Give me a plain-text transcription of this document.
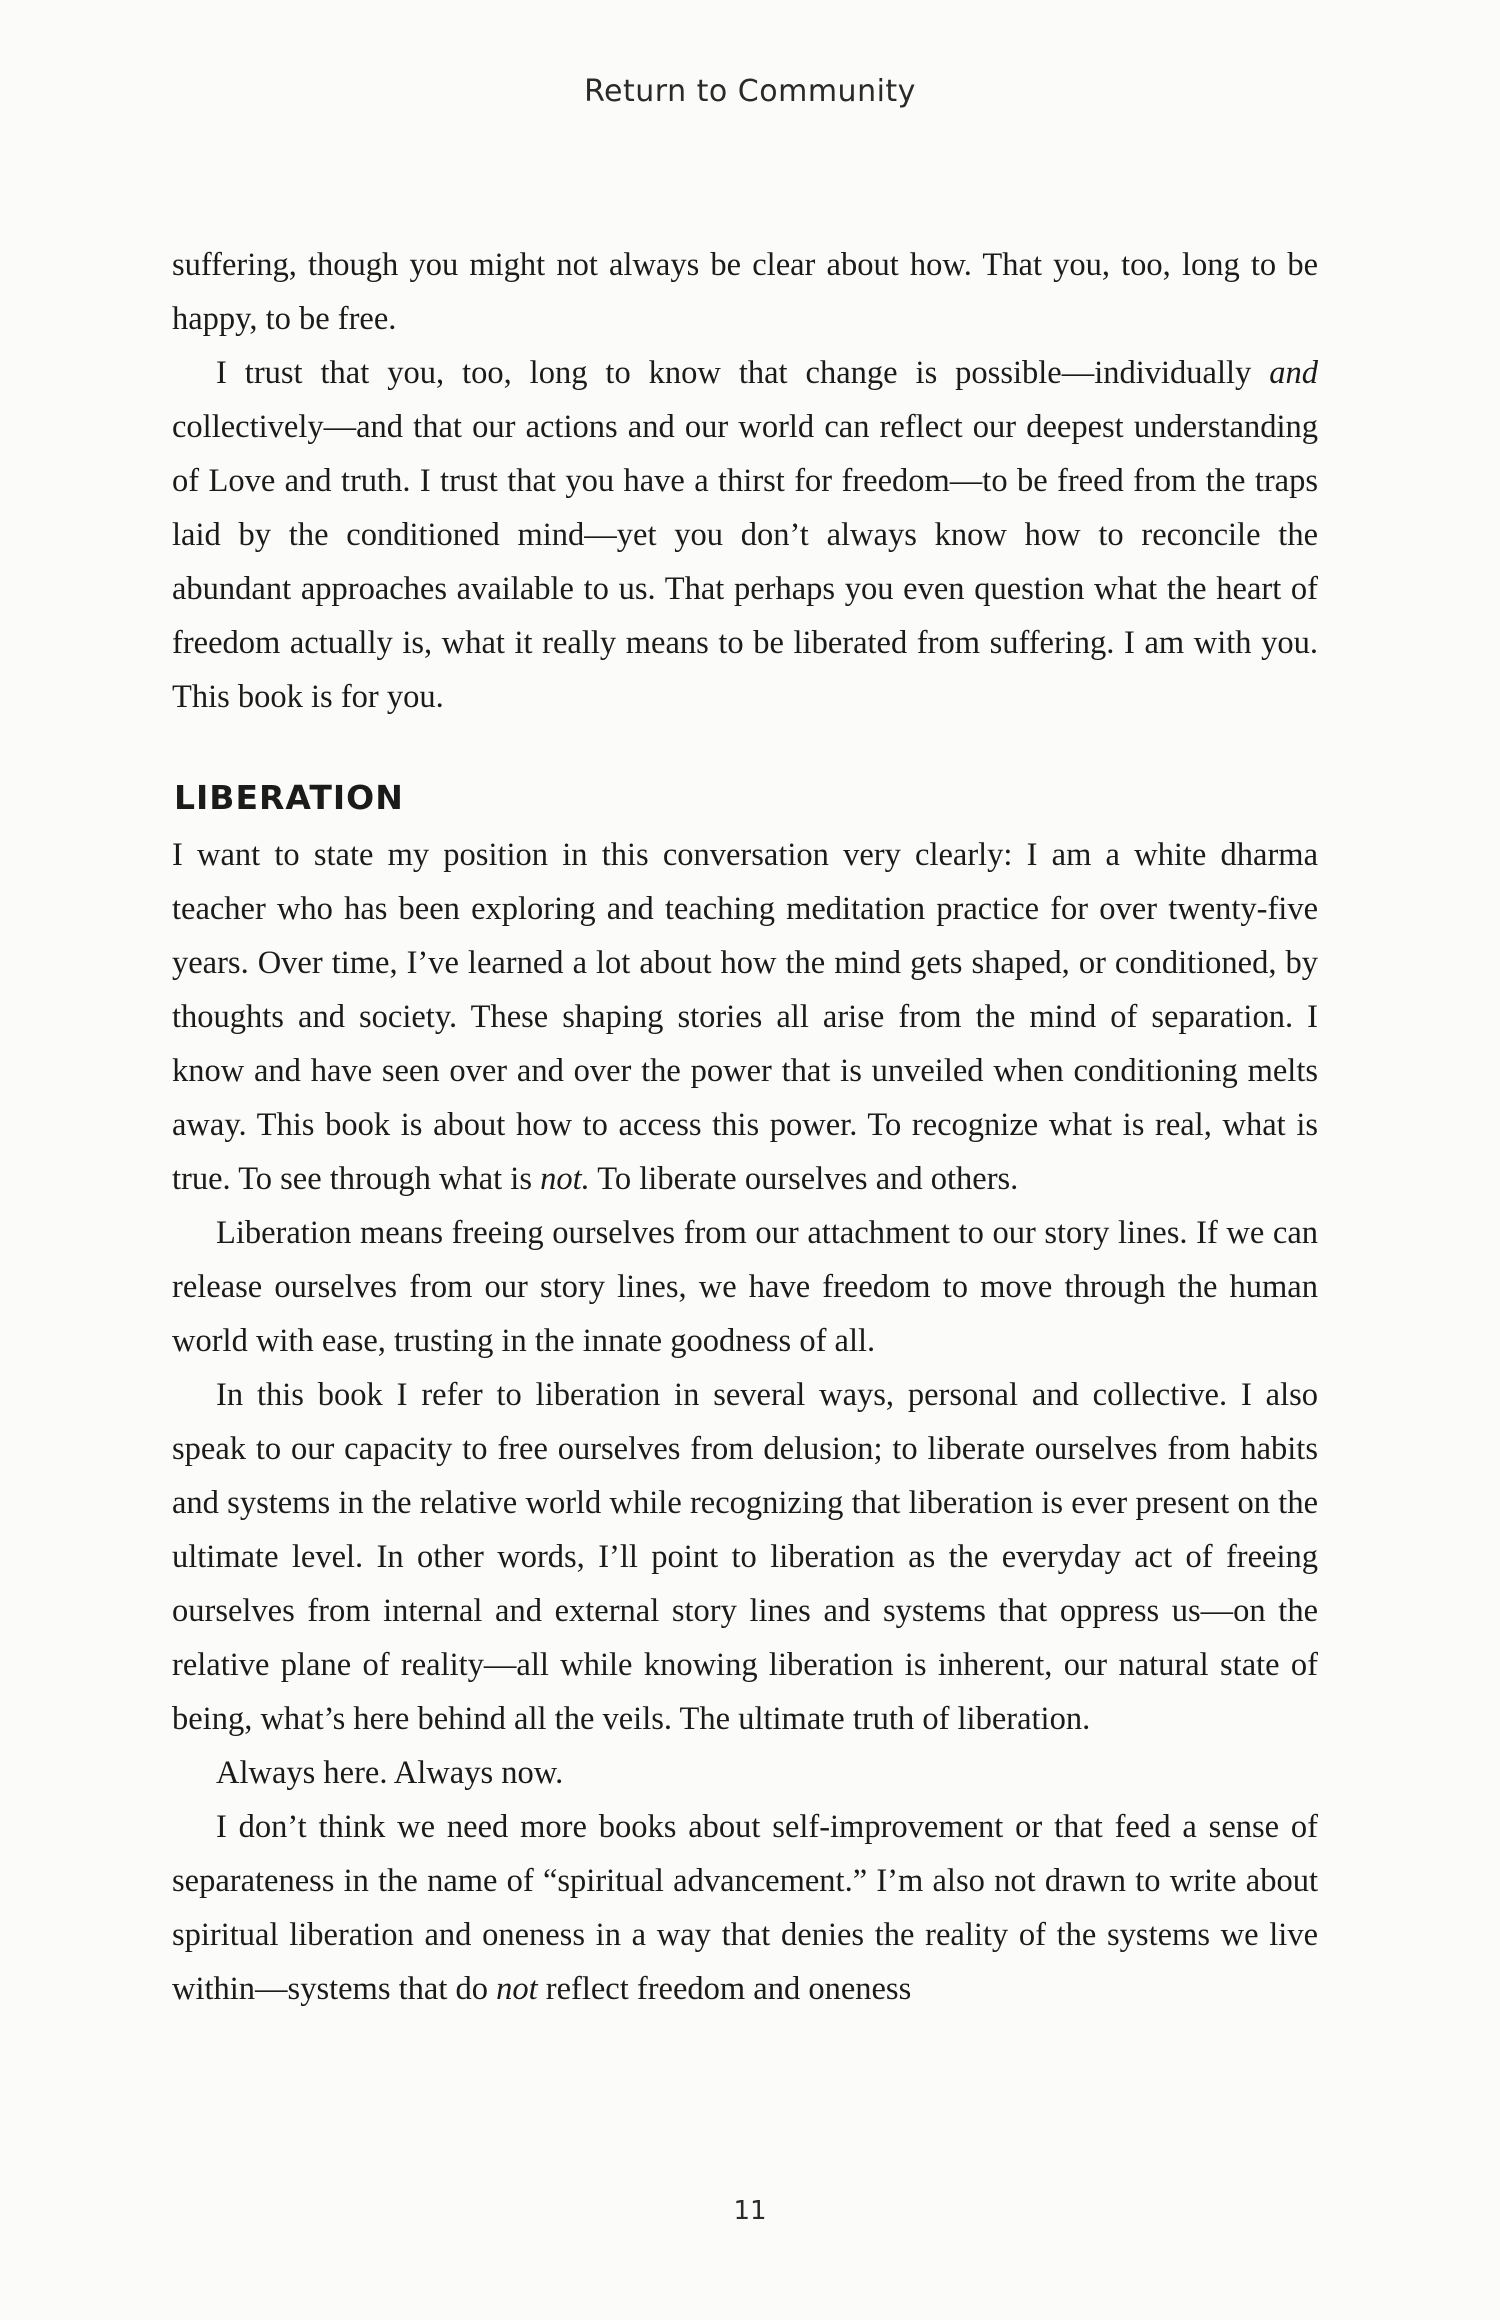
Return to Community

suffering, though you might not always be clear about how. That you, too, long to be happy, to be free.

I trust that you, too, long to know that change is possible—individually and collectively—and that our actions and our world can reflect our deepest understanding of Love and truth. I trust that you have a thirst for freedom—to be freed from the traps laid by the conditioned mind—yet you don’t always know how to reconcile the abundant approaches available to us. That perhaps you even question what the heart of freedom actually is, what it really means to be liberated from suffering. I am with you. This book is for you.

LIBERATION

I want to state my position in this conversation very clearly: I am a white dharma teacher who has been exploring and teaching meditation practice for over twenty-five years. Over time, I’ve learned a lot about how the mind gets shaped, or conditioned, by thoughts and society. These shaping stories all arise from the mind of separation. I know and have seen over and over the power that is unveiled when conditioning melts away. This book is about how to access this power. To recognize what is real, what is true. To see through what is not. To liberate ourselves and others.

Liberation means freeing ourselves from our attachment to our story lines. If we can release ourselves from our story lines, we have freedom to move through the human world with ease, trusting in the innate goodness of all.

In this book I refer to liberation in several ways, personal and collective. I also speak to our capacity to free ourselves from delusion; to liberate ourselves from habits and systems in the relative world while recognizing that liberation is ever present on the ultimate level. In other words, I’ll point to liberation as the everyday act of freeing ourselves from internal and external story lines and systems that oppress us—on the relative plane of reality—all while knowing liberation is inherent, our natural state of being, what’s here behind all the veils. The ultimate truth of liberation.

Always here. Always now.

I don’t think we need more books about self-improvement or that feed a sense of separateness in the name of “spiritual advancement.” I’m also not drawn to write about spiritual liberation and oneness in a way that denies the reality of the systems we live within—systems that do not reflect freedom and oneness

11
